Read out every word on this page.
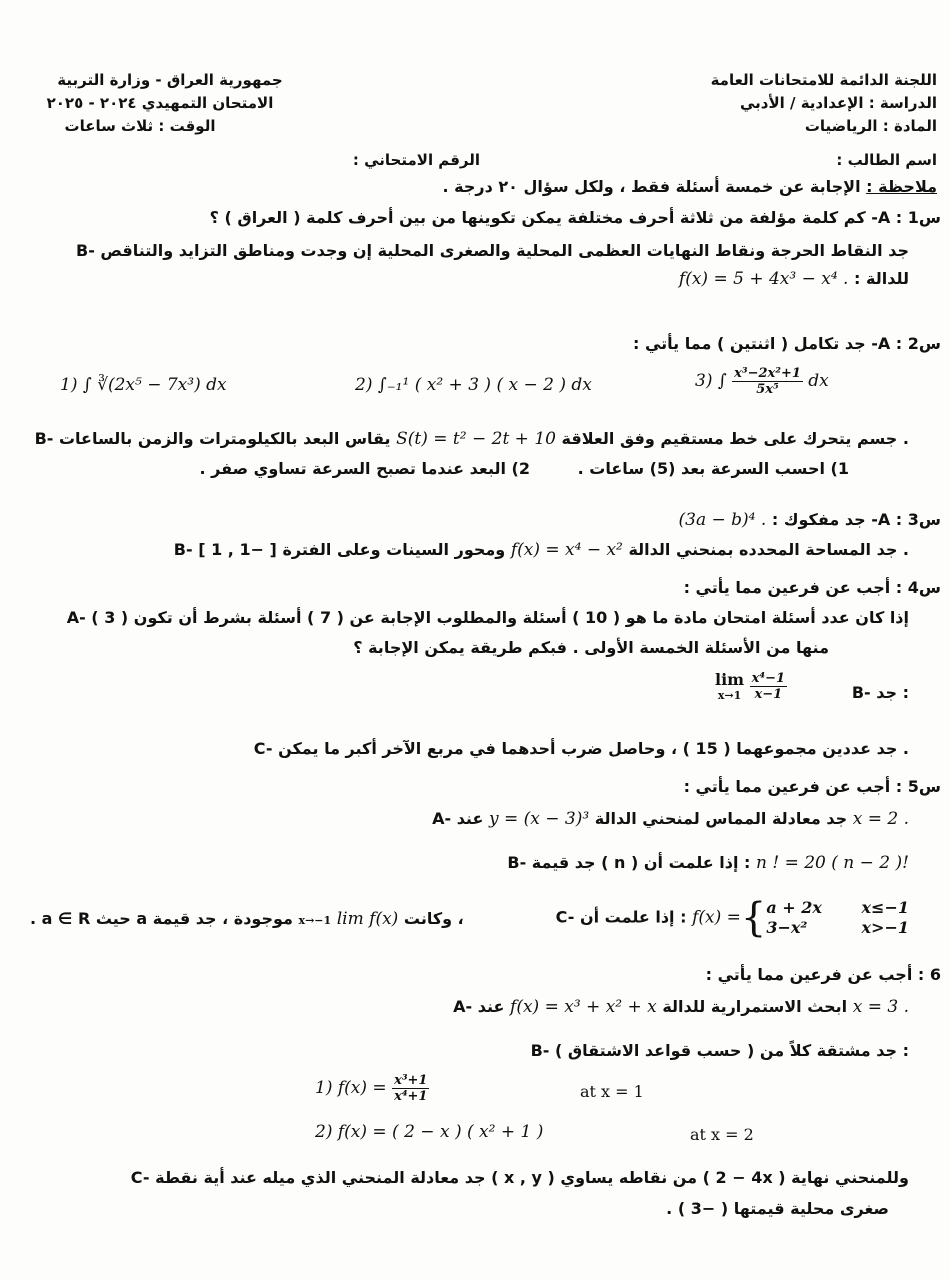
اللجنة الدائمة للامتحانات العامة
الدراسة : الإعدادية / الأدبي
المادة : الرياضيات
جمهورية العراق - وزارة التربية
الامتحان التمهيدي ٢٠٢٤ - ٢٠٢٥
الوقت : ثلاث ساعات
اسم الطالب :
الرقم الامتحاني :
ملاحظة : الإجابة عن خمسة أسئلة فقط ، ولكل سؤال ٢٠ درجة .
س1 : A- كم كلمة مؤلفة من ثلاثة أحرف مختلفة يمكن تكوينها من بين أحرف كلمة ( العراق ) ؟
B- جد النقاط الحرجة ونقاط النهايات العظمى المحلية والصغرى المحلية إن وجدت ومناطق التزايد والتناقص
للدالة : f(x) = 5 + 4x³ − x⁴ .
س2 : A- جد تكامل ( اثنتين ) مما يأتي :
1) ∫ ∛(2x⁵ − 7x³) dx	2) ∫₋₁¹ ( x² + 3 ) ( x − 2 ) dx	3) ∫ $\frac{\text{x³−2x²+1}}{\text{5x⁵}}$ dx
B- جسم يتحرك على خط مستقيم وفق العلاقة S(t) = t² − 2t + 10 يقاس البعد بالكيلومترات والزمن بالساعات .
1) احسب السرعة بعد (5) ساعات .
2) البعد عندما تصبح السرعة تساوي صفر .
س3 : A- جد مفكوك : (3a − b)⁴ .
B- جد المساحة المحدده بمنحني الدالة f(x) = x⁴ − x² ومحور السينات وعلى الفترة [ −1 , 1 ] .
س4 : أجب عن فرعين مما يأتي :
A- إذا كان عدد أسئلة امتحان مادة ما هو ( 10 ) أسئلة والمطلوب الإجابة عن ( 7 ) أسئلة بشرط أن تكون ( 3 )
منها من الأسئلة الخمسة الأولى . فبكم طريقة يمكن الإجابة ؟
B- جد :
lim
x→1
$\frac{\text{x⁴−1}}{x-1}$
C- جد عددين مجموعهما ( 15 ) ، وحاصل ضرب أحدهما في مربع الآخر أكبر ما يمكن .
س5 : أجب عن فرعين مما يأتي :
A- جد معادلة المماس لمنحني الدالة y = (x − 3)³ عند	x = 2 .
B- جد قيمة ( n ) إذا علمت أن : n ! = 20 ( n − 2 )!
C- إذا علمت أن : f(x) ={ a + 2x
3−x²

x≤−1
x>−1
، وكانت lim f(x) x→−1 موجودة ، جد قيمة a حيث a ∈ R .
6 : أجب عن فرعين مما يأتي :
A- ابحث الاستمرارية للدالة f(x) = x³ + x² + x عند	x = 3 .
B- جد مشتقة كلاً من ( حسب قواعد الاشتقاق ) :
1) $f(x) = \frac{\text{x³+1}}{\text{x⁴+1}}$	at x = 1
2) f(x) = ( 2 − x ) ( x² + 1 )	at x = 2
C- جد معادلة المنحني الذي ميله عند أية نقطة ( x , y ) من نقاطه يساوي ( 4 − 2x ) وللمنحني نهاية
صغرى محلية قيمتها ( −3 ) .
